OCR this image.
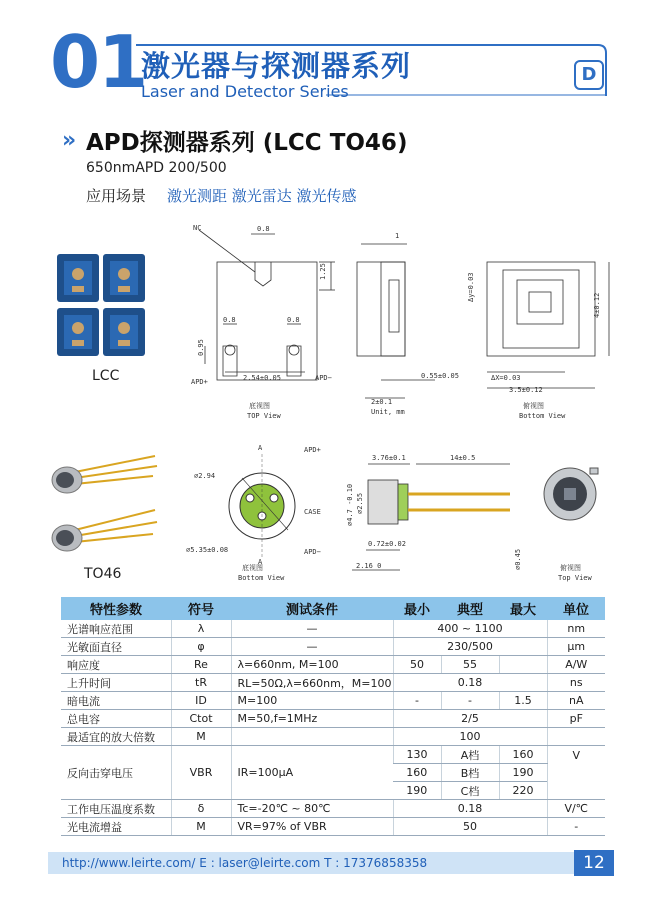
01
激光器与探测器系列
Laser and Detector Series
D
›› APD探测器系列 (LCC TO46)
650nmAPD 200/500
应用场景 激光测距 激光雷达 激光传感
LCC
TO46
NC	0.8
1.25
0.8	0.8
0.95
2.54±0.05
APD+	APD−
底视图
TOP View
1
0.55±0.05
2±0.1
Unit, mm
Δy=0.03
4±0.12
ΔX=0.03
3.5±0.12
俯视图
Bottom View
∅2.94
APD+
CASE
APD−
∅5.35±0.08
A
A
底视图
Bottom View
3.76±0.1	14±0.5
∅4.7 -0.10 ∅2.55
0.72±0.02
2.16 0	∅0.45	俯视图
Top View
特性参数	符号	测试条件	最小	典型	最大	单位
光谱响应范围	λ	—	400 ~ 1100			nm
光敏面直径	φ	—	230/500			μm
响应度	Re	λ=660nm, M=100	50	55		A/W
上升时间	tR	RL=50Ω,λ=660nm，M=100	0.18			ns
暗电流	ID	M=100	-	-	1.5	nA
总电容	Ctot	M=50,f=1MHz	2/5			pF
最适宜的放大倍数	M		100			
反向击穿电压	VBR	IR=100μA	130	A档	160	V
			160	B档	190	
			190	C档	220	
工作电压温度系数	δ	Tc=-20℃ ~ 80℃	0.18			V/℃
光电流增益	M	VR=97% of VBR	50			-
http://www.leirte.com/ E : laser@leirte.com T : 17376858358	12
